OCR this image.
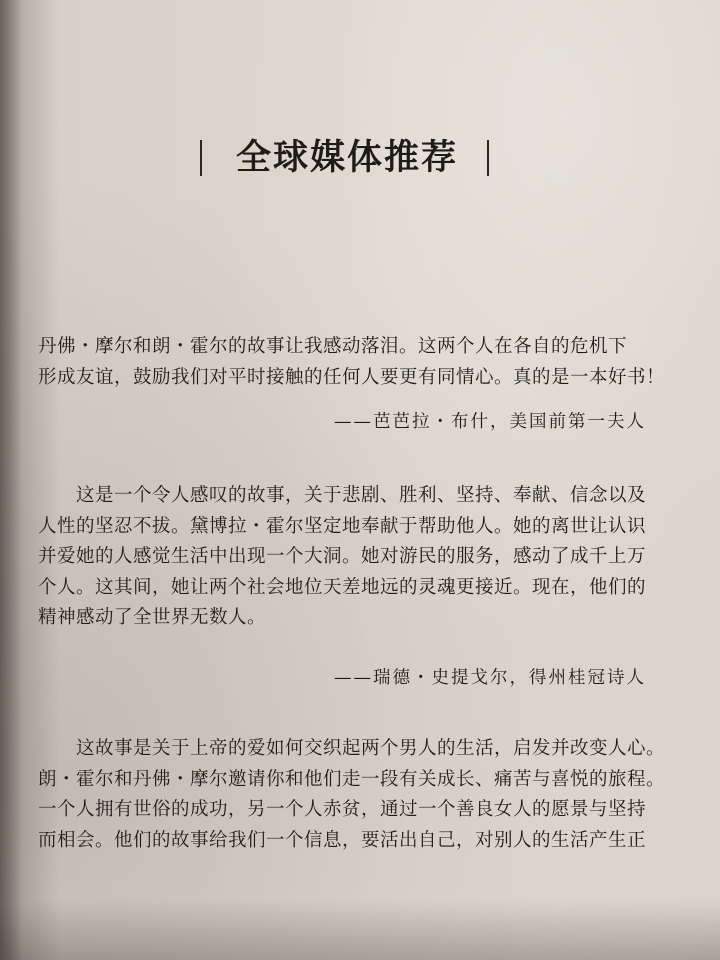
全球媒体推荐
丹佛・摩尔和朗・霍尔的故事让我感动落泪。这两个人在各自的危机下
形成友谊，鼓励我们对平时接触的任何人要更有同情心。真的是一本好书！
——芭芭拉・布什，美国前第一夫人
这是一个令人感叹的故事，关于悲剧、胜利、坚持、奉献、信念以及
人性的坚忍不拔。黛博拉・霍尔坚定地奉献于帮助他人。她的离世让认识
并爱她的人感觉生活中出现一个大洞。她对游民的服务，感动了成千上万
个人。这其间，她让两个社会地位天差地远的灵魂更接近。现在，他们的
精神感动了全世界无数人。
——瑞德・史提戈尔，得州桂冠诗人
这故事是关于上帝的爱如何交织起两个男人的生活，启发并改变人心。
朗・霍尔和丹佛・摩尔邀请你和他们走一段有关成长、痛苦与喜悦的旅程。
一个人拥有世俗的成功，另一个人赤贫，通过一个善良女人的愿景与坚持
而相会。他们的故事给我们一个信息，要活出自己，对别人的生活产生正
